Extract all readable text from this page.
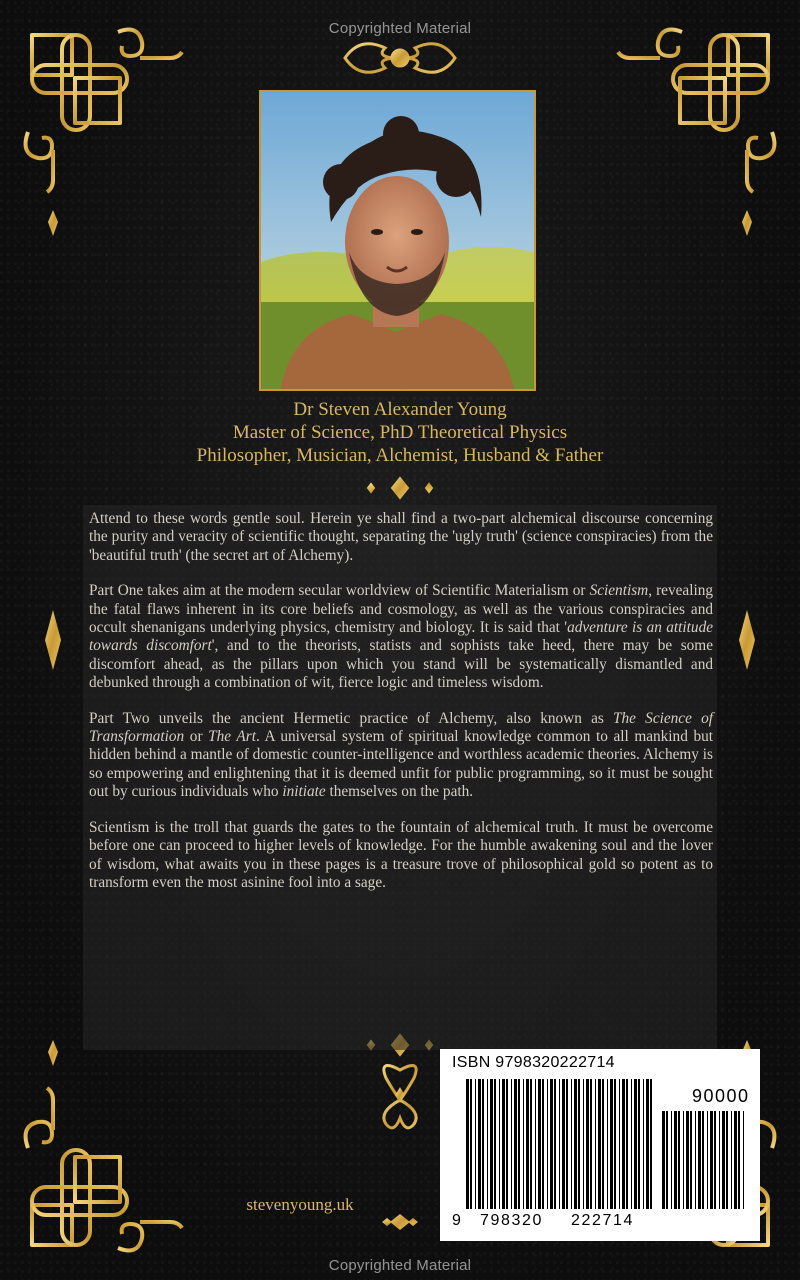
Copyrighted Material
Dr Steven Alexander Young
Master of Science, PhD Theoretical Physics
Philosopher, Musician, Alchemist, Husband & Father

Attend to these words gentle soul. Herein ye shall find a two-part alchemical discourse concerning the purity and veracity of scientific thought, separating the 'ugly truth' (science conspiracies) from the 'beautiful truth' (the secret art of Alchemy).

Part One takes aim at the modern secular worldview of Scientific Materialism or Scientism, revealing the fatal flaws inherent in its core beliefs and cosmology, as well as the various conspiracies and occult shenanigans underlying physics, chemistry and biology. It is said that 'adventure is an attitude towards discomfort', and to the theorists, statists and sophists take heed, there may be some discomfort ahead, as the pillars upon which you stand will be systematically dismantled and debunked through a combination of wit, fierce logic and timeless wisdom.

Part Two unveils the ancient Hermetic practice of Alchemy, also known as The Science of Transformation or The Art. A universal system of spiritual knowledge common to all mankind but hidden behind a mantle of domestic counter-intelligence and worthless academic theories. Alchemy is so empowering and enlightening that it is deemed unfit for public programming, so it must be sought out by curious individuals who initiate themselves on the path.

Scientism is the troll that guards the gates to the fountain of alchemical truth. It must be overcome before one can proceed to higher levels of knowledge. For the humble awakening soul and the lover of wisdom, what awaits you in these pages is a treasure trove of philosophical gold so potent as to transform even the most asinine fool into a sage.

stevenyoung.uk
ISBN 9798320222714
90000
9 798320 222714
Copyrighted Material
